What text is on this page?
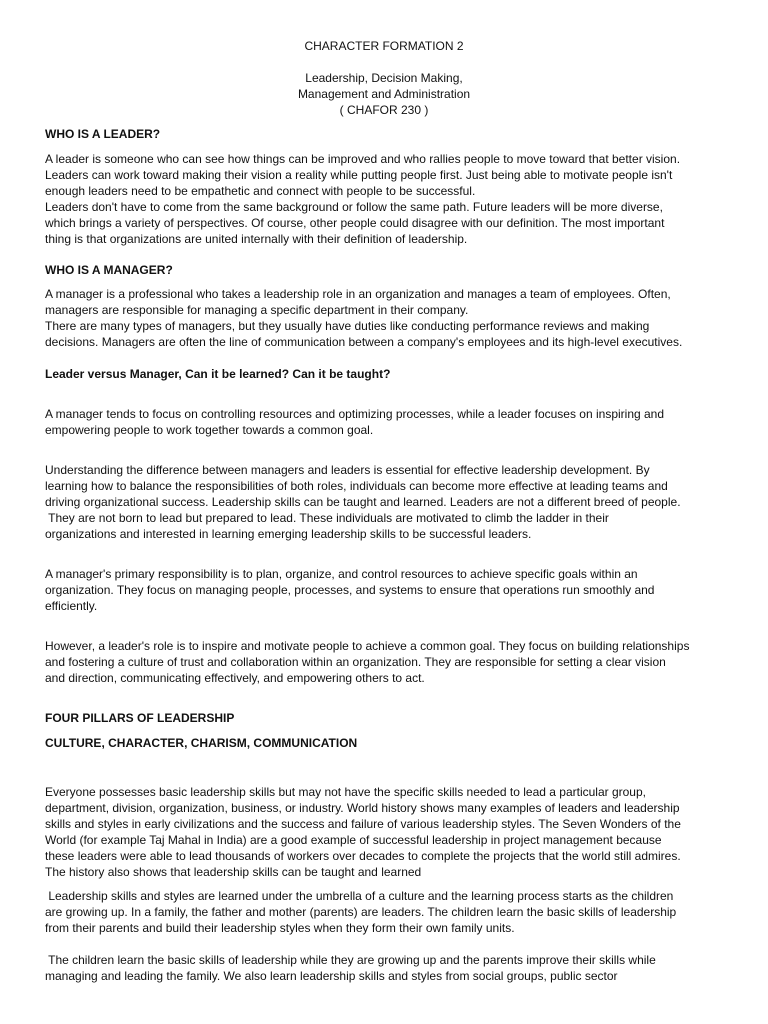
CHARACTER FORMATION 2
Leadership, Decision Making,
Management and Administration
( CHAFOR 230 )
WHO IS A LEADER?
A leader is someone who can see how things can be improved and who rallies people to move toward that better vision.
Leaders can work toward making their vision a reality while putting people first. Just being able to motivate people isn't
enough leaders need to be empathetic and connect with people to be successful.
Leaders don't have to come from the same background or follow the same path. Future leaders will be more diverse,
which brings a variety of perspectives. Of course, other people could disagree with our definition. The most important
thing is that organizations are united internally with their definition of leadership.
WHO IS A MANAGER?
A manager is a professional who takes a leadership role in an organization and manages a team of employees. Often,
managers are responsible for managing a specific department in their company.
There are many types of managers, but they usually have duties like conducting performance reviews and making
decisions. Managers are often the line of communication between a company's employees and its high-level executives.
Leader versus Manager, Can it be learned? Can it be taught?
A manager tends to focus on controlling resources and optimizing processes, while a leader focuses on inspiring and
empowering people to work together towards a common goal.
Understanding the difference between managers and leaders is essential for effective leadership development. By
learning how to balance the responsibilities of both roles, individuals can become more effective at leading teams and
driving organizational success. Leadership skills can be taught and learned. Leaders are not a different breed of people.
They are not born to lead but prepared to lead. These individuals are motivated to climb the ladder in their
organizations and interested in learning emerging leadership skills to be successful leaders.
A manager's primary responsibility is to plan, organize, and control resources to achieve specific goals within an
organization. They focus on managing people, processes, and systems to ensure that operations run smoothly and
efficiently.
However, a leader's role is to inspire and motivate people to achieve a common goal. They focus on building relationships
and fostering a culture of trust and collaboration within an organization. They are responsible for setting a clear vision
and direction, communicating effectively, and empowering others to act.
FOUR PILLARS OF LEADERSHIP
CULTURE, CHARACTER, CHARISM, COMMUNICATION
Everyone possesses basic leadership skills but may not have the specific skills needed to lead a particular group,
department, division, organization, business, or industry. World history shows many examples of leaders and leadership
skills and styles in early civilizations and the success and failure of various leadership styles. The Seven Wonders of the
World (for example Taj Mahal in India) are a good example of successful leadership in project management because
these leaders were able to lead thousands of workers over decades to complete the projects that the world still admires.
The history also shows that leadership skills can be taught and learned
Leadership skills and styles are learned under the umbrella of a culture and the learning process starts as the children
are growing up. In a family, the father and mother (parents) are leaders. The children learn the basic skills of leadership
from their parents and build their leadership styles when they form their own family units.
The children learn the basic skills of leadership while they are growing up and the parents improve their skills while
managing and leading the family. We also learn leadership skills and styles from social groups, public sector
